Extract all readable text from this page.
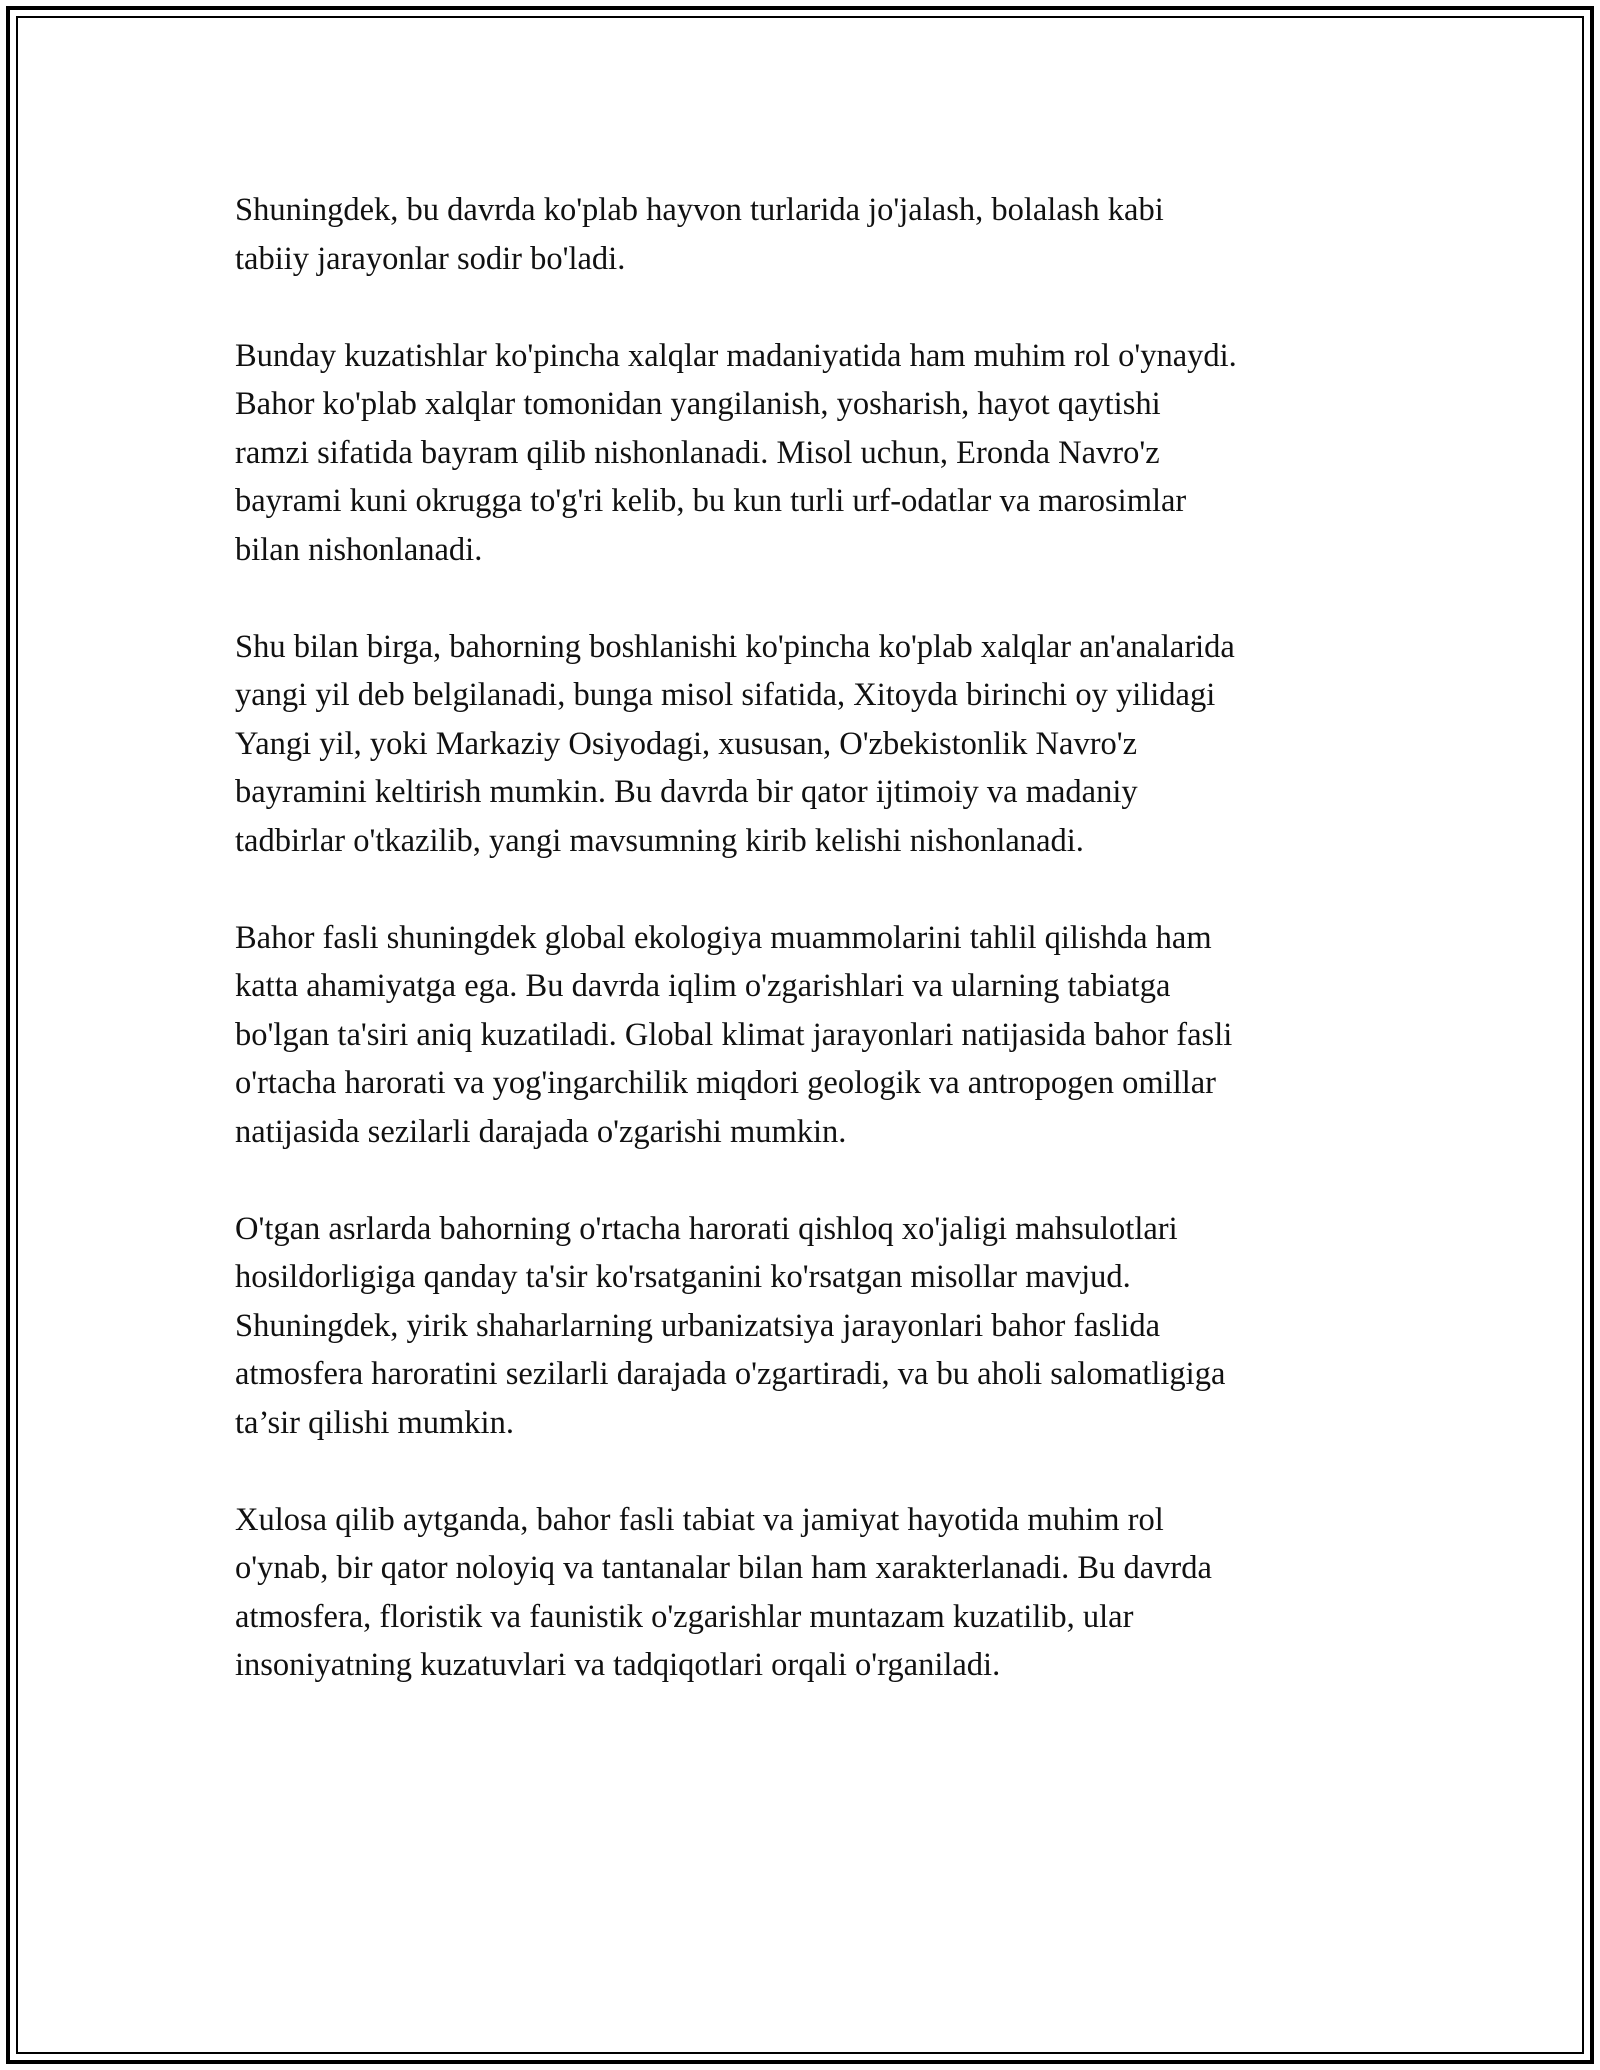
Shuningdek, bu davrda ko'plab hayvon turlarida jo'jalash, bolalash kabi
tabiiy jarayonlar sodir bo'ladi.

Bunday kuzatishlar ko'pincha xalqlar madaniyatida ham muhim rol o'ynaydi.
Bahor ko'plab xalqlar tomonidan yangilanish, yosharish, hayot qaytishi
ramzi sifatida bayram qilib nishonlanadi. Misol uchun, Eronda Navro'z
bayrami kuni okrugga to'g'ri kelib, bu kun turli urf-odatlar va marosimlar
bilan nishonlanadi.

Shu bilan birga, bahorning boshlanishi ko'pincha ko'plab xalqlar an'analarida
yangi yil deb belgilanadi, bunga misol sifatida, Xitoyda birinchi oy yilidagi
Yangi yil, yoki Markaziy Osiyodagi, xususan, O'zbekistonlik Navro'z
bayramini keltirish mumkin. Bu davrda bir qator ijtimoiy va madaniy
tadbirlar o'tkazilib, yangi mavsumning kirib kelishi nishonlanadi.

Bahor fasli shuningdek global ekologiya muammolarini tahlil qilishda ham
katta ahamiyatga ega. Bu davrda iqlim o'zgarishlari va ularning tabiatga
bo'lgan ta'siri aniq kuzatiladi. Global klimat jarayonlari natijasida bahor fasli
o'rtacha harorati va yog'ingarchilik miqdori geologik va antropogen omillar
natijasida sezilarli darajada o'zgarishi mumkin.

O'tgan asrlarda bahorning o'rtacha harorati qishloq xo'jaligi mahsulotlari
hosildorligiga qanday ta'sir ko'rsatganini ko'rsatgan misollar mavjud.
Shuningdek, yirik shaharlarning urbanizatsiya jarayonlari bahor faslida
atmosfera haroratini sezilarli darajada o'zgartiradi, va bu aholi salomatligiga
ta’sir qilishi mumkin.

Xulosa qilib aytganda, bahor fasli tabiat va jamiyat hayotida muhim rol
o'ynab, bir qator noloyiq va tantanalar bilan ham xarakterlanadi. Bu davrda
atmosfera, floristik va faunistik o'zgarishlar muntazam kuzatilib, ular
insoniyatning kuzatuvlari va tadqiqotlari orqali o'rganiladi.
